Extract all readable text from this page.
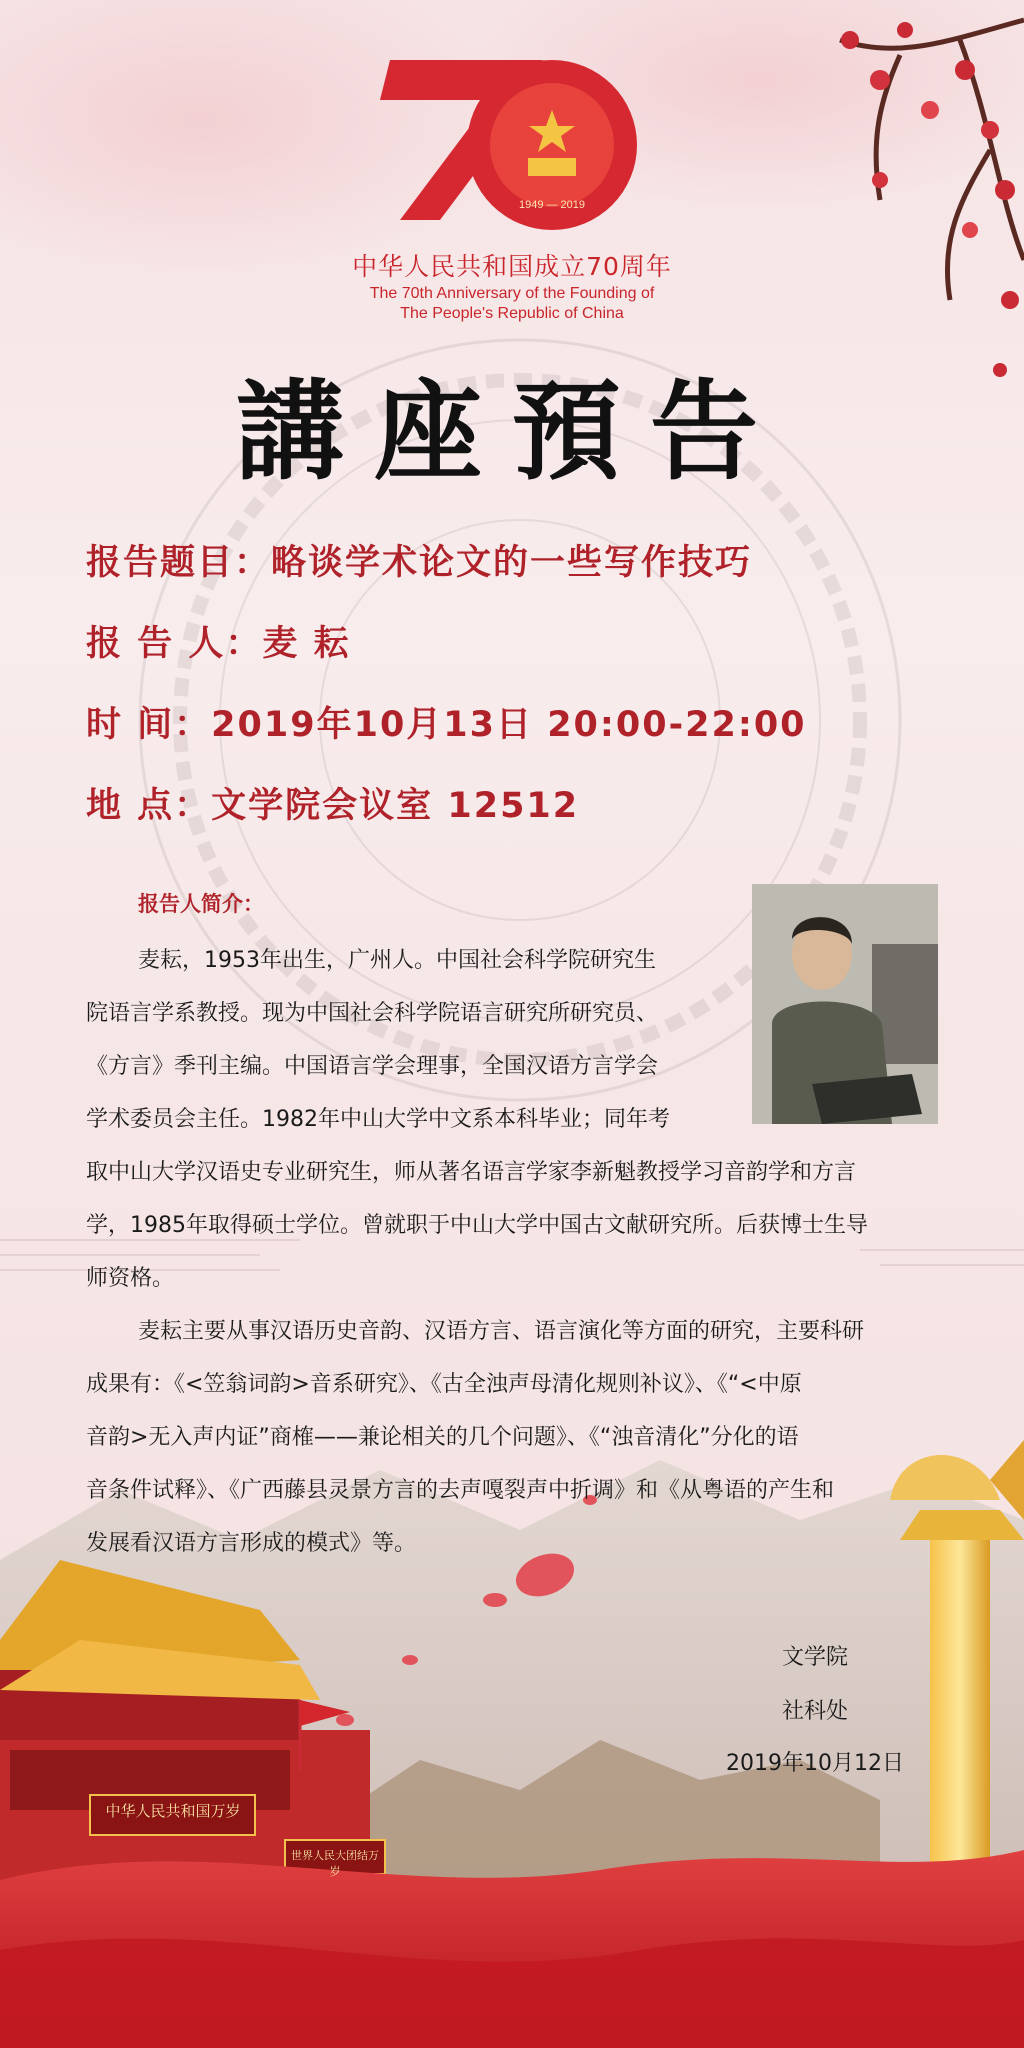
1949 — 2019
中华人民共和国成立70周年
The 70th Anniversary of the Founding of
The People's Republic of China
講座預告
报告题目：略谈学术论文的一些写作技巧
报 告 人：麦 耘
时 间：2019年10月13日 20:00-22:00
地 点：文学院会议室 12512
报告人简介：
麦耘，1953年出生，广州人。中国社会科学院研究生
院语言学系教授。现为中国社会科学院语言研究所研究员、
《方言》季刊主编。中国语言学会理事，全国汉语方言学会
学术委员会主任。1982年中山大学中文系本科毕业；同年考
取中山大学汉语史专业研究生，师从著名语言学家李新魁教授学习音韵学和方言
学，1985年取得硕士学位。曾就职于中山大学中国古文献研究所。后获博士生导
师资格。
麦耘主要从事汉语历史音韵、汉语方言、语言演化等方面的研究，主要科研
成果有：《<笠翁词韵>音系研究》、《古全浊声母清化规则补议》、《“<中原
音韵>无入声内证”商榷——兼论相关的几个问题》、《“浊音清化”分化的语
音条件试释》、《广西藤县灵景方言的去声嘎裂声中折调》和《从粤语的产生和
发展看汉语方言形成的模式》等。
文学院
社科处
2019年10月12日
中华人民共和国万岁
世界人民大团结万岁
